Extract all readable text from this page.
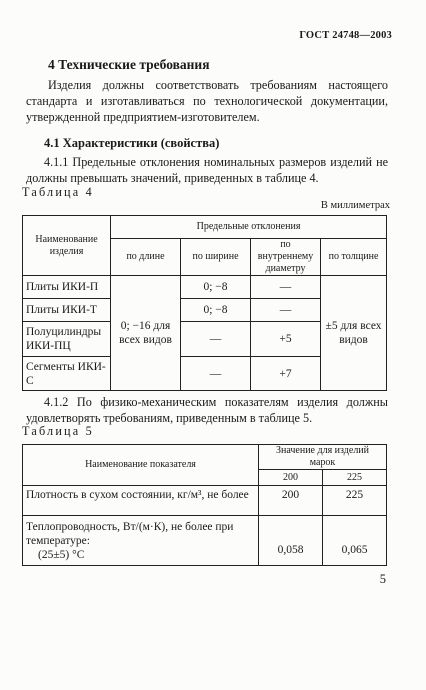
ГОСТ 24748—2003
4 Технические требования
Изделия должны соответствовать требованиям настоящего стандарта и изготавливаться по технологической документации, утвержденной предприятием-изготовителем.
4.1 Характеристики (свойства)
4.1.1 Предельные отклонения номинальных размеров изделий не должны превышать значений, приведенных в таблице 4.
Таблица 4
В миллиметрах
Наименование изделия	Предельные отклонения			
	по длине	по ширине	по внутреннему диаметру	по толщине
Плиты ИКИ-П	0; −16 для всех видов	0; −8	—	±5 для всех видов
Плиты ИКИ-Т		0; −8	—	
Полуцилиндры ИКИ-ПЦ		—	+5	
Сегменты ИКИ-С		—	+7	
4.1.2 По физико-механическим показателям изделия должны удовлетворять требованиям, приведенным в таблице 5.
Таблица 5
Наименование показателя	Значение для изделий марок	
	200	225
Плотность в сухом состоянии, кг/м³, не более	200	225

Теплопроводность, Вт/(м·К), не более при температуре:
(25±5) °С	0,058	0,065
5
